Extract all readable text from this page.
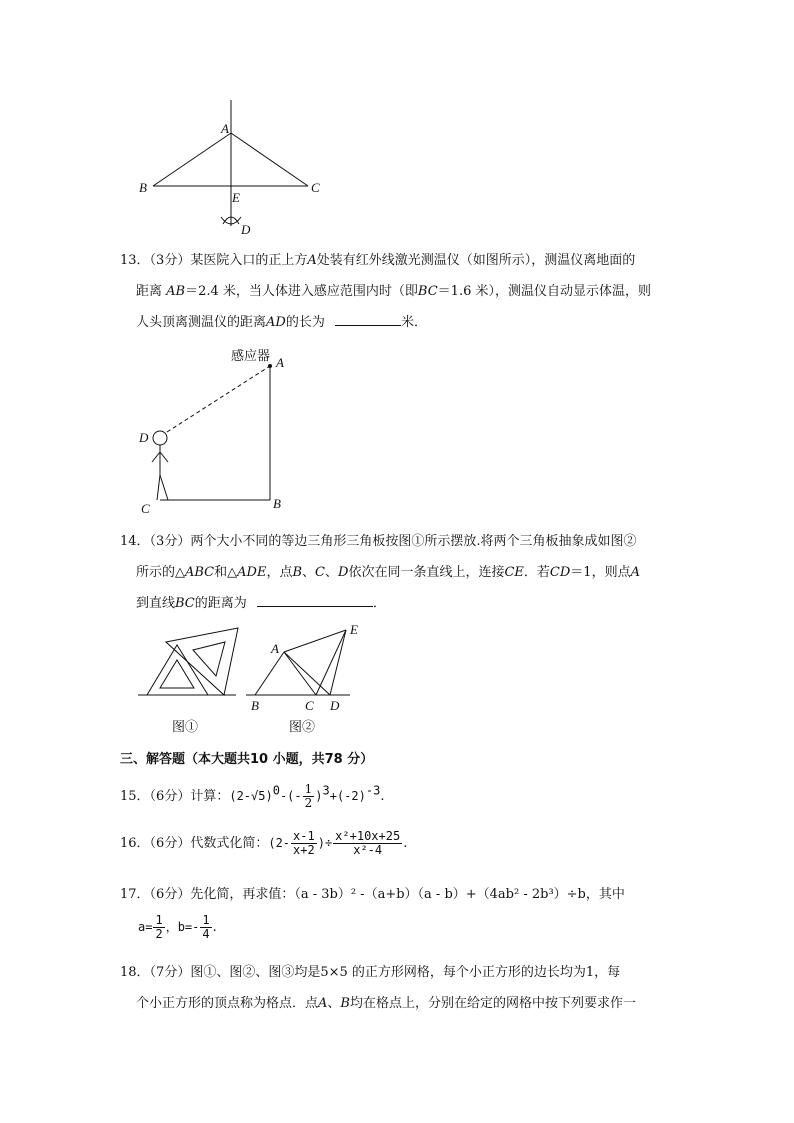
A
B	C
E
D
13．（3分）某医院入口的正上方A处装有红外线激光测温仪（如图所示），测温仪离地面的
距离 AB＝2.4 米，当人体进入感应范围内时（即BC＝1.6 米），测温仪自动显示体温，则
人头顶离测温仪的距离AD的长为	米．
感应器 A
D
C	B
14．（3分）两个大小不同的等边三角形三角板按图①所示摆放.将两个三角板抽象成如图②
所示的△ABC和△ADE，点B、C、D依次在同一条直线上，连接CE．若CD＝1，则点A
到直线BC的距离为	．
图①	图②
A
E
B	C D
三、解答题（本大题共10 小题，共78 分）
15．（6分）计算：$(2-√5)^0-(- \frac{1}{2} )^3+(-2)^{-3}$.
16．（6分）代数式化简：($2- \frac{x-1}{x+2}$ )÷ $\frac{\text{x²+10x+25}}{\text{x²-4}}$ .
17．（6分）先化简，再求值：（a - 3b）² -（a+b）（a - b）+（4ab² - 2b³）÷b，其中
$a= \frac{1}{2}$ ，$b=- \frac{1}{4}$ .
18．（7分）图①、图②、图③均是5×5 的正方形网格，每个小正方形的边长均为1，每
个小正方形的顶点称为格点．点A、B均在格点上，分别在给定的网格中按下列要求作一
